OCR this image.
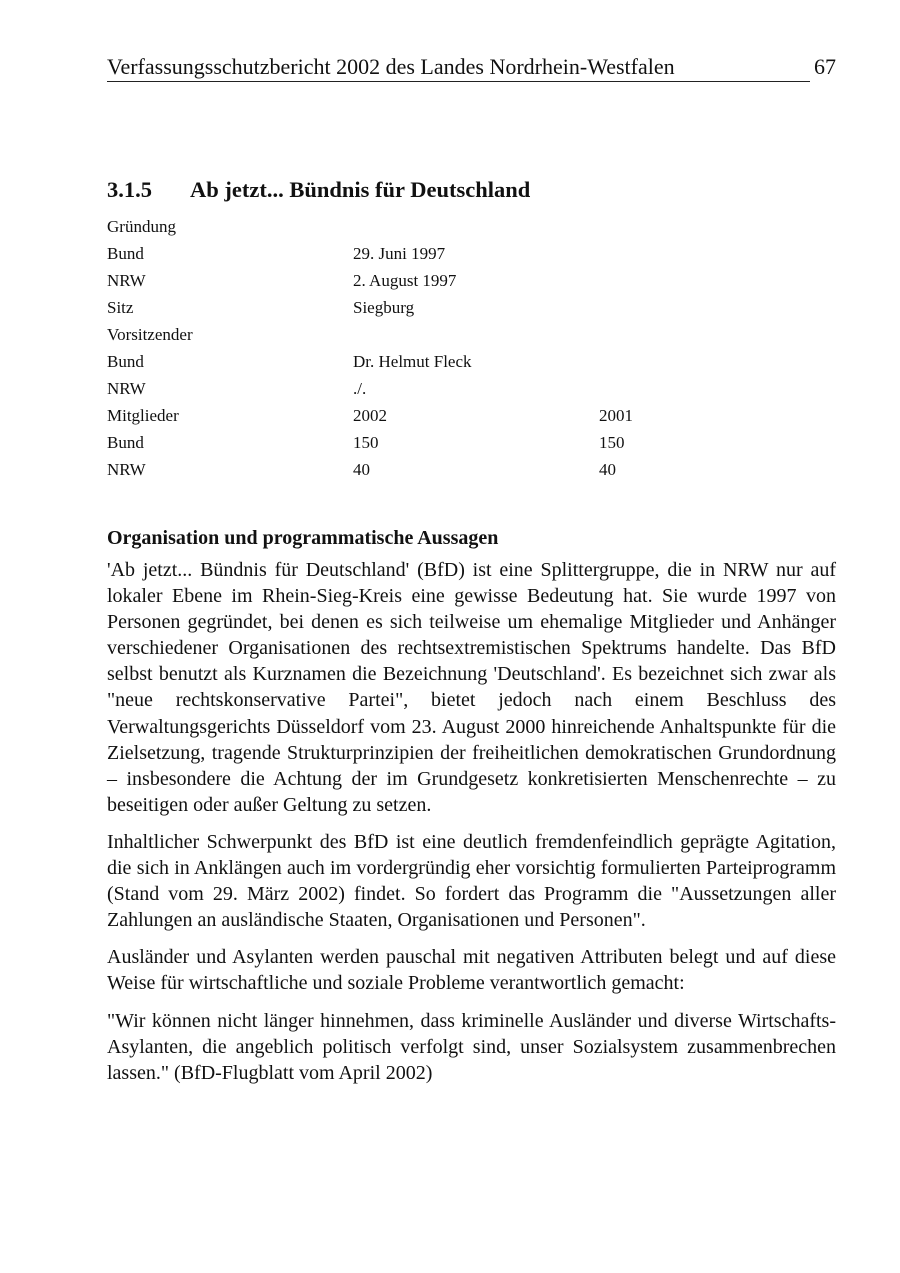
Verfassungsschutzbericht 2002 des Landes Nordrhein-Westfalen	67
3.1.5 Ab jetzt... Bündnis für Deutschland
Gründung
Bund	29. Juni 1997
NRW	2. August 1997
Sitz	Siegburg
Vorsitzender
Bund	Dr. Helmut Fleck
NRW	./.
Mitglieder	2002	2001
Bund	150	150
NRW	40	40
Organisation und programmatische Aussagen

'Ab jetzt... Bündnis für Deutschland' (BfD) ist eine Splittergruppe, die in NRW nur auf lokaler Ebene im Rhein-Sieg-Kreis eine gewisse Bedeutung hat. Sie wurde 1997 von Personen gegründet, bei denen es sich teilweise um ehemalige Mitglieder und Anhänger verschiedener Organisationen des rechtsextremistischen Spektrums handelte. Das BfD selbst benutzt als Kurznamen die Bezeichnung 'Deutschland'. Es bezeichnet sich zwar als "neue rechtskonservative Partei", bietet jedoch nach einem Beschluss des Verwaltungsgerichts Düsseldorf vom 23. August 2000 hinreichende Anhaltspunkte für die Zielsetzung, tragende Strukturprinzipien der freiheitlichen demokratischen Grundordnung – insbesondere die Achtung der im Grundgesetz konkretisierten Menschenrechte – zu beseitigen oder außer Geltung zu setzen.

Inhaltlicher Schwerpunkt des BfD ist eine deutlich fremdenfeindlich geprägte Agitation, die sich in Anklängen auch im vordergründig eher vorsichtig formulierten Parteiprogramm (Stand vom 29. März 2002) findet. So fordert das Programm die "Aussetzungen aller Zahlungen an ausländische Staaten, Organisationen und Personen".

Ausländer und Asylanten werden pauschal mit negativen Attributen belegt und auf diese Weise für wirtschaftliche und soziale Probleme verantwortlich gemacht:

"Wir können nicht länger hinnehmen, dass kriminelle Ausländer und diverse Wirtschafts-Asylanten, die angeblich politisch verfolgt sind, unser Sozialsystem zusammenbrechen lassen." (BfD-Flugblatt vom April 2002)
